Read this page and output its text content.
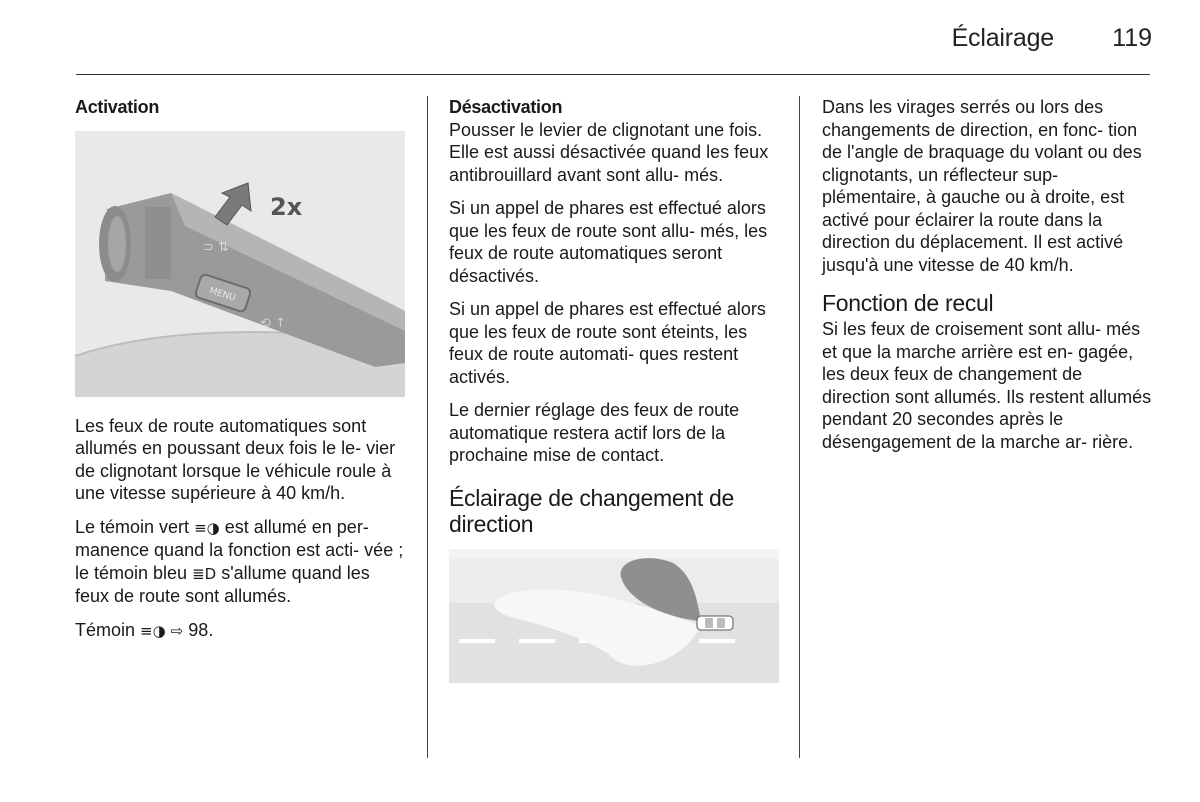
Éclairage 119
Activation
MENU
⊃ ⇅
⟲ ↑
2x

Les feux de route automatiques sont allumés en poussant deux fois le le- vier de clignotant lorsque le véhicule roule à une vitesse supérieure à 40 km/h.

Le témoin vert ≡◑ est allumé en per- manence quand la fonction est acti- vée ; le témoin bleu ≣D s'allume quand les feux de route sont allumés.

Témoin ≡◑ ⇨ 98.

Désactivation

Pousser le levier de clignotant une fois. Elle est aussi désactivée quand les feux antibrouillard avant sont allu- més.

Si un appel de phares est effectué alors que les feux de route sont allu- més, les feux de route automatiques seront désactivés.

Si un appel de phares est effectué alors que les feux de route sont éteints, les feux de route automati- ques restent activés.

Le dernier réglage des feux de route automatique restera actif lors de la prochaine mise de contact.

Éclairage de changement de direction

Dans les virages serrés ou lors des changements de direction, en fonc- tion de l'angle de braquage du volant ou des clignotants, un réflecteur sup- plémentaire, à gauche ou à droite, est activé pour éclairer la route dans la direction du déplacement. Il est activé jusqu'à une vitesse de 40 km/h.

Fonction de recul

Si les feux de croisement sont allu- més et que la marche arrière est en- gagée, les deux feux de changement de direction sont allumés. Ils restent allumés pendant 20 secondes après le désengagement de la marche ar- rière.
